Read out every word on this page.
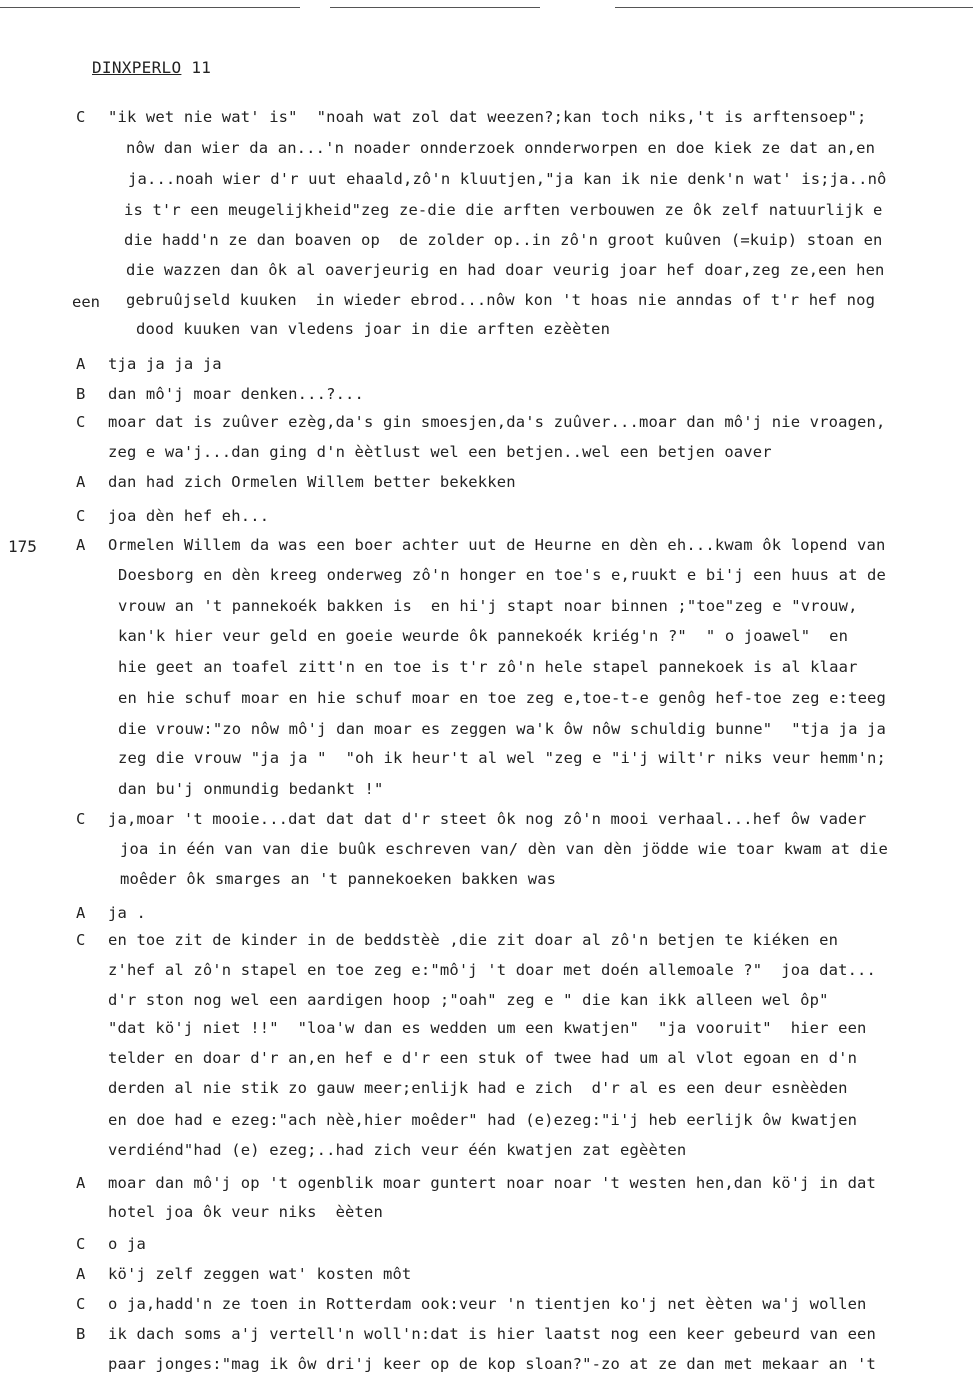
DINXPERLO 11
een
175
C "ik wet nie wat' is"  "noah wat zol dat weezen?;kan toch niks,'t is arftensoep";
nôw dan wier da an...'n noader onnderzoek onnderworpen en doe kiek ze dat an,en
ja...noah wier d'r uut ehaald,zô'n kluutjen,"ja kan ik nie denk'n wat' is;ja..nô
is t'r een meugelijkheid"zeg ze-die die arften verbouwen ze ôk zelf natuurlijk e
die hadd'n ze dan boaven op  de zolder op..in zô'n groot kuûven (=kuip) stoan en
die wazzen dan ôk al oaverjeurig en had doar veurig joar hef doar,zeg ze,een hen
gebruûjseld kuuken  in wieder ebrod...nôw kon 't hoas nie anndas of t'r hef nog
dood kuuken van vledens joar in die arften ezèèten
A tja ja ja ja
B dan mô'j moar denken...?...
C moar dat is zuûver ezèg,da's gin smoesjen,da's zuûver...moar dan mô'j nie vroagen,
zeg e wa'j...dan ging d'n èètlust wel een betjen..wel een betjen oaver
A dan had zich Ormelen Willem better bekekken
C joa dèn hef eh...
A Ormelen Willem da was een boer achter uut de Heurne en dèn eh...kwam ôk lopend van
Doesborg en dèn kreeg onderweg zô'n honger en toe's e,ruukt e bi'j een huus at de
vrouw an 't pannekoék bakken is  en hi'j stapt noar binnen ;"toe"zeg e "vrouw,
kan'k hier veur geld en goeie weurde ôk pannekoék kriég'n ?"  " o joawel"  en
hie geet an toafel zitt'n en toe is t'r zô'n hele stapel pannekoek is al klaar
en hie schuf moar en hie schuf moar en toe zeg e,toe-t-e genôg hef-toe zeg e:teeg
die vrouw:"zo nôw mô'j dan moar es zeggen wa'k ôw nôw schuldig bunne"  "tja ja ja
zeg die vrouw "ja ja "  "oh ik heur't al wel "zeg e "i'j wilt'r niks veur hemm'n;
dan bu'j onmundig bedankt !"
C ja,moar 't mooie...dat dat dat d'r steet ôk nog zô'n mooi verhaal...hef ôw vader
joa in één van van die buûk eschreven van/ dèn van dèn jödde wie toar kwam at die
moêder ôk smarges an 't pannekoeken bakken was
A ja .
C en toe zit de kinder in de beddstèè ,die zit doar al zô'n betjen te kiéken en
z'hef al zô'n stapel en toe zeg e:"mô'j 't doar met doén allemoale ?"  joa dat...
d'r ston nog wel een aardigen hoop ;"oah" zeg e " die kan ikk alleen wel ôp"
"dat kö'j niet !!"  "loa'w dan es wedden um een kwatjen"  "ja vooruit"  hier een
telder en doar d'r an,en hef e d'r een stuk of twee had um al vlot egoan en d'n
derden al nie stik zo gauw meer;enlijk had e zich  d'r al es een deur esnèèden
en doe had e ezeg:"ach nèè,hier moêder" had (e)ezeg:"i'j heb eerlijk ôw kwatjen
verdiénd"had (e) ezeg;..had zich veur één kwatjen zat egèèten
A moar dan mô'j op 't ogenblik moar guntert noar noar 't westen hen,dan kö'j in dat
hotel joa ôk veur niks  èèten
C o ja
A kö'j zelf zeggen wat' kosten môt
C o ja,hadd'n ze toen in Rotterdam ook:veur 'n tientjen ko'j net èèten wa'j wollen
B ik dach soms a'j vertell'n woll'n:dat is hier laatst nog een keer gebeurd van een
paar jonges:"mag ik ôw dri'j keer op de kop sloan?"-zo at ze dan met mekaar an 't
